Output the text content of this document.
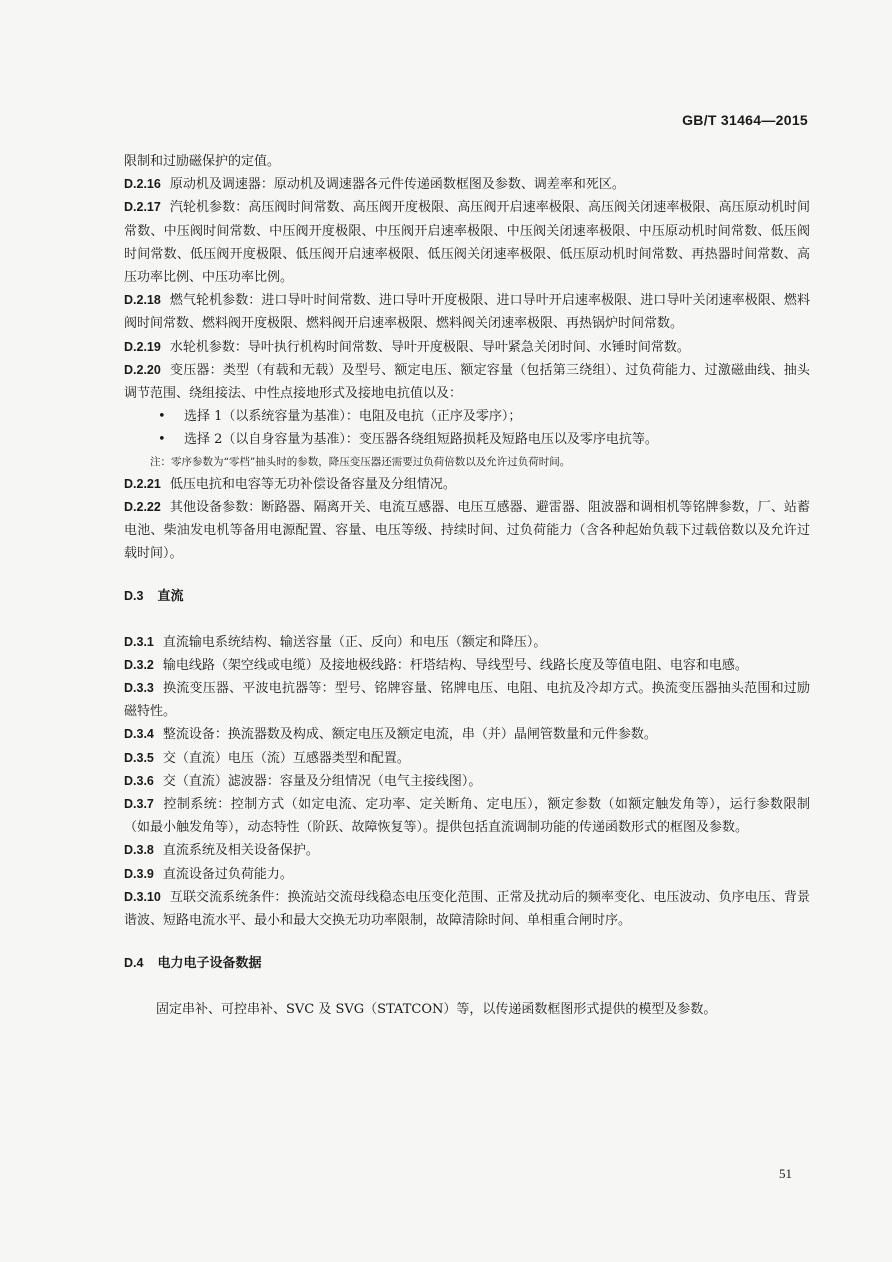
GB/T 31464—2015

限制和过励磁保护的定值。

D.2.16 原动机及调速器：原动机及调速器各元件传递函数框图及参数、调差率和死区。

D.2.17 汽轮机参数：高压阀时间常数、高压阀开度极限、高压阀开启速率极限、高压阀关闭速率极限、高压原动机时间常数、中压阀时间常数、中压阀开度极限、中压阀开启速率极限、中压阀关闭速率极限、中压原动机时间常数、低压阀时间常数、低压阀开度极限、低压阀开启速率极限、低压阀关闭速率极限、低压原动机时间常数、再热器时间常数、高压功率比例、中压功率比例。

D.2.18 燃气轮机参数：进口导叶时间常数、进口导叶开度极限、进口导叶开启速率极限、进口导叶关闭速率极限、燃料阀时间常数、燃料阀开度极限、燃料阀开启速率极限、燃料阀关闭速率极限、再热锅炉时间常数。

D.2.19 水轮机参数：导叶执行机构时间常数、导叶开度极限、导叶紧急关闭时间、水锤时间常数。

D.2.20 变压器：类型（有载和无载）及型号、额定电压、额定容量（包括第三绕组）、过负荷能力、过激磁曲线、抽头调节范围、绕组接法、中性点接地形式及接地电抗值以及：

• 选择 1（以系统容量为基准）：电阻及电抗（正序及零序）；

• 选择 2（以自身容量为基准）：变压器各绕组短路损耗及短路电压以及零序电抗等。

注：零序参数为“零档”抽头时的参数，降压变压器还需要过负荷倍数以及允许过负荷时间。

D.2.21 低压电抗和电容等无功补偿设备容量及分组情况。

D.2.22 其他设备参数：断路器、隔离开关、电流互感器、电压互感器、避雷器、阻波器和调相机等铭牌参数，厂、站蓄电池、柴油发电机等备用电源配置、容量、电压等级、持续时间、过负荷能力（含各种起始负载下过载倍数以及允许过载时间）。

D.3 直流

D.3.1 直流输电系统结构、输送容量（正、反向）和电压（额定和降压）。

D.3.2 输电线路（架空线或电缆）及接地极线路：杆塔结构、导线型号、线路长度及等值电阻、电容和电感。

D.3.3 换流变压器、平波电抗器等：型号、铭牌容量、铭牌电压、电阻、电抗及冷却方式。换流变压器抽头范围和过励磁特性。

D.3.4 整流设备：换流器数及构成、额定电压及额定电流，串（并）晶闸管数量和元件参数。

D.3.5 交（直流）电压（流）互感器类型和配置。

D.3.6 交（直流）滤波器：容量及分组情况（电气主接线图）。

D.3.7 控制系统：控制方式（如定电流、定功率、定关断角、定电压），额定参数（如额定触发角等），运行参数限制（如最小触发角等），动态特性（阶跃、故障恢复等）。提供包括直流调制功能的传递函数形式的框图及参数。

D.3.8 直流系统及相关设备保护。

D.3.9 直流设备过负荷能力。

D.3.10 互联交流系统条件：换流站交流母线稳态电压变化范围、正常及扰动后的频率变化、电压波动、负序电压、背景谐波、短路电流水平、最小和最大交换无功功率限制，故障清除时间、单相重合闸时序。

D.4 电力电子设备数据

固定串补、可控串补、SVC 及 SVG（STATCON）等，以传递函数框图形式提供的模型及参数。

51
